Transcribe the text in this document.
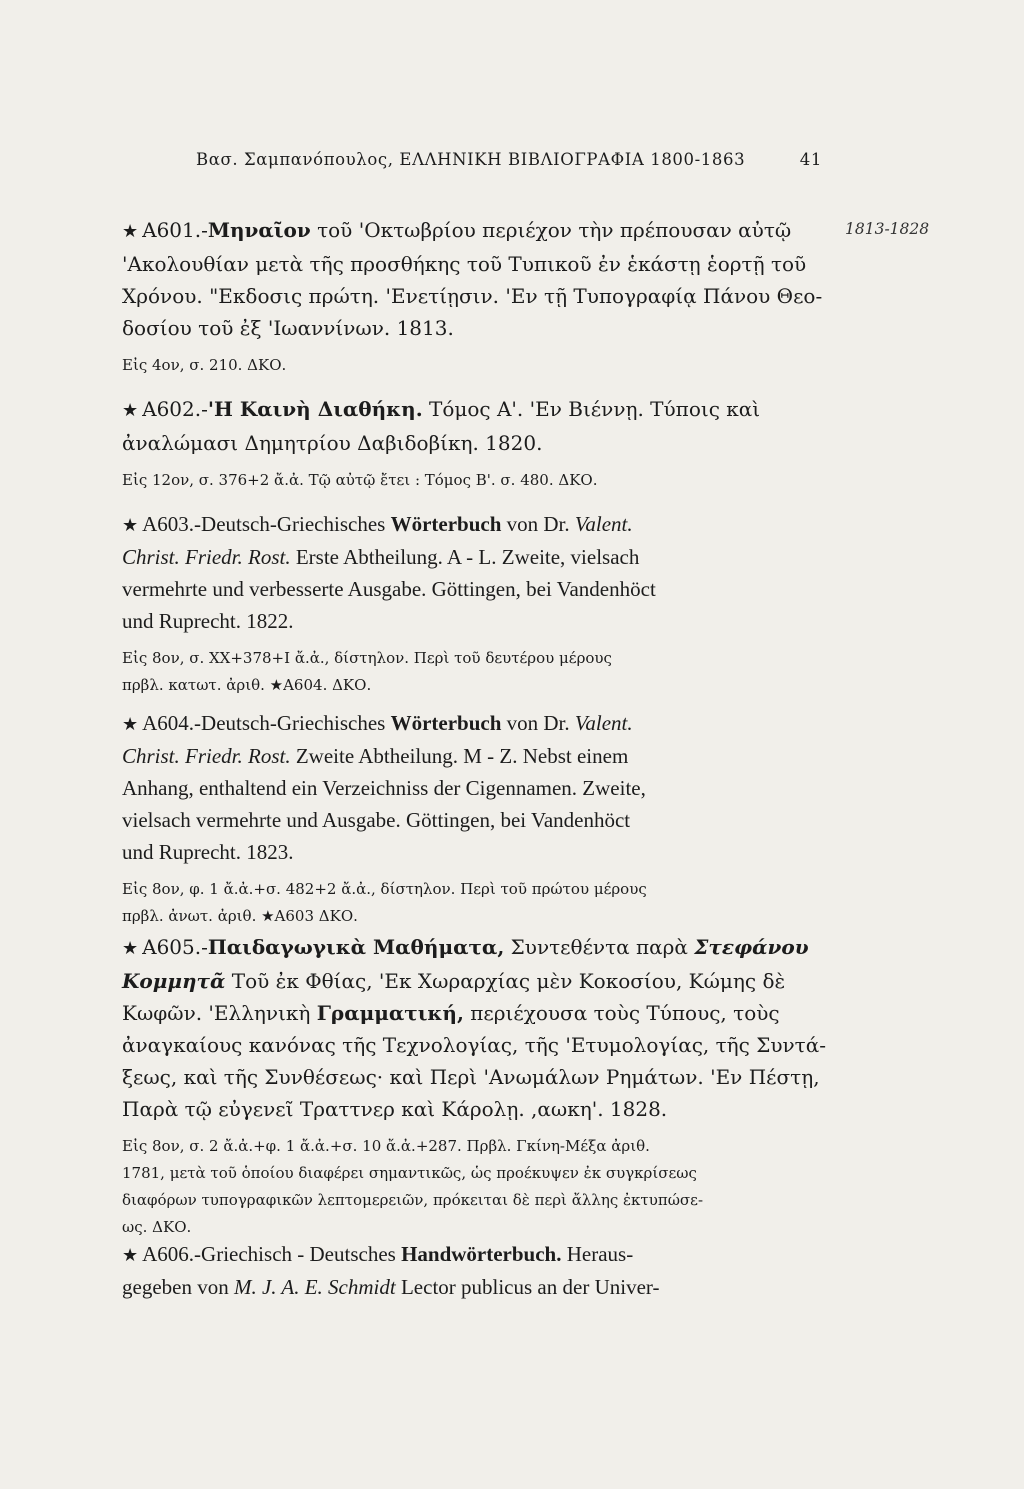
Βασ. Σαμπανόπουλος, ΕΛΛΗΝΙΚΗ ΒΙΒΛΙΟΓΡΑΦΙΑ 1800-1863	41
1813-1828
★ A601.-Μηναῖον τοῦ 'Οκτωβρίου περιέχον τὴν πρέπουσαν αὐτῷ
'Ακολουθίαν μετὰ τῆς προσθήκης τοῦ Τυπικοῦ ἐν ἑκάστῃ ἑορτῇ τοῦ
Χρόνου. "Εκδοσις πρώτη. 'Ενετίῃσιν. 'Εν τῇ Τυπογραφίᾳ Πάνου Θεο-
δοσίου τοῦ ἐξ 'Ιωαννίνων. 1813.
Εἰς 4ον, σ. 210. ΔΚΟ.
★ A602.-'Η Καινὴ Διαθήκη. Τόμος Α'. 'Εν Βιέννῃ. Τύποις καὶ
ἀναλώμασι Δημητρίου Δαβιδοβίκη. 1820.
Εἰς 12ον, σ. 376+2 ἄ.ἀ. Τῷ αὐτῷ ἔτει : Τόμος Β'. σ. 480. ΔΚΟ.
★ A603.-Deutsch-Griechisches Wörterbuch von Dr. Valent.
Christ. Friedr. Rost. Erste Abtheilung. A - L. Zweite, vielsach
vermehrte und verbesserte Ausgabe. Göttingen, bei Vandenhöct
und Ruprecht. 1822.
Εἰς 8ον, σ. XX+378+I ἄ.ἀ., δίστηλον. Περὶ τοῦ δευτέρου μέρους
πρβλ. κατωτ. ἀριθ. ★A604. ΔΚΟ.
★ A604.-Deutsch-Griechisches Wörterbuch von Dr. Valent.
Christ. Friedr. Rost. Zweite Abtheilung. M - Z. Nebst einem
Anhang, enthaltend ein Verzeichniss der Cigennamen. Zweite,
vielsach vermehrte und Ausgabe. Göttingen, bei Vandenhöct
und Ruprecht. 1823.
Εἰς 8ον, φ. 1 ἄ.ἀ.+σ. 482+2 ἄ.ἀ., δίστηλον. Περὶ τοῦ πρώτου μέρους
πρβλ. ἀνωτ. ἀριθ. ★A603 ΔΚΟ.
★ A605.-Παιδαγωγικὰ Μαθήματα, Συντεθέντα παρὰ Στεφάνου
Κομμητᾶ Τοῦ ἐκ Φθίας, 'Εκ Χωραρχίας μὲν Κοκοσίου, Κώμης δὲ
Κωφῶν. 'Ελληνικὴ Γραμματική, περιέχουσα τοὺς Τύπους, τοὺς
ἀναγκαίους κανόνας τῆς Τεχνολογίας, τῆς 'Ετυμολογίας, τῆς Συντά-
ξεως, καὶ τῆς Συνθέσεως· καὶ Περὶ 'Ανωμάλων Ρημάτων. 'Εν Πέστῃ,
Παρὰ τῷ εὐγενεῖ Τραττνερ καὶ Κάρολῃ. ,αωκη'. 1828.
Εἰς 8ον, σ. 2 ἄ.ἀ.+φ. 1 ἄ.ἀ.+σ. 10 ἄ.ἀ.+287. Πρβλ. Γκίνη-Μέξα ἀριθ.
1781, μετὰ τοῦ ὁποίου διαφέρει σημαντικῶς, ὡς προέκυψεν ἐκ συγκρίσεως
διαφόρων τυπογραφικῶν λεπτομερειῶν, πρόκειται δὲ περὶ ἄλλης ἐκτυπώσε-
ως. ΔΚΟ.
★ A606.-Griechisch - Deutsches Handwörterbuch. Heraus-
gegeben von M. J. A. E. Schmidt Lector publicus an der Univer-
